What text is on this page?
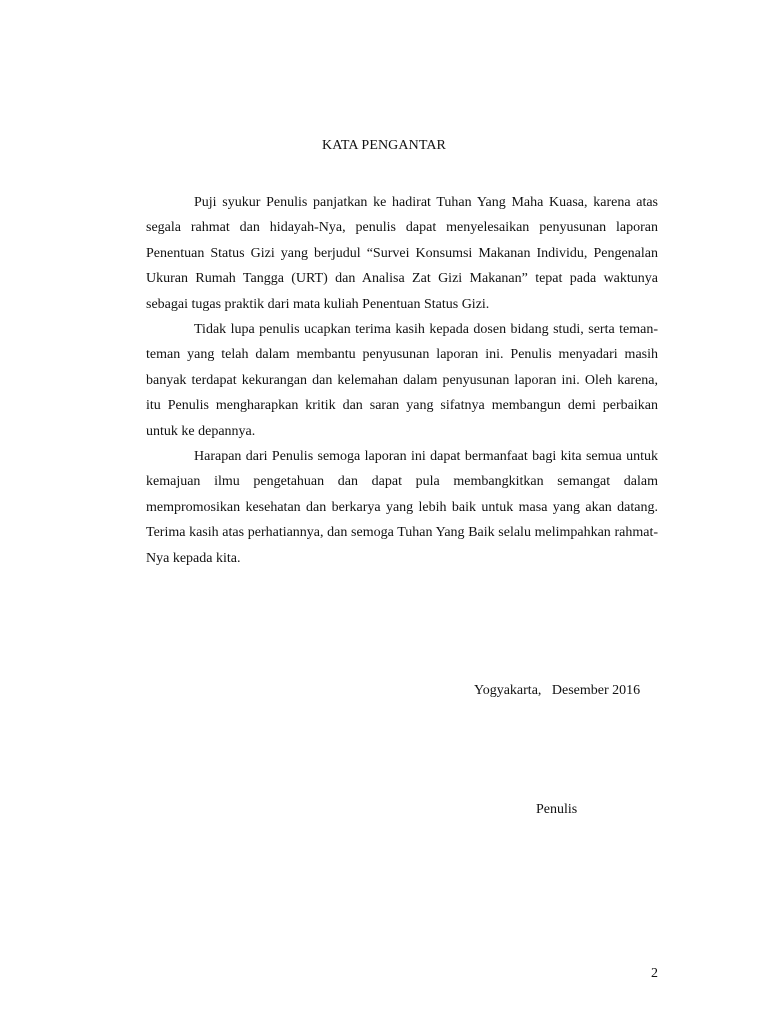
KATA PENGANTAR

Puji syukur Penulis panjatkan ke hadirat Tuhan Yang Maha Kuasa, karena atas segala rahmat dan hidayah-Nya, penulis dapat menyelesaikan penyusunan laporan Penentuan Status Gizi yang berjudul “Survei Konsumsi Makanan Individu, Pengenalan Ukuran Rumah Tangga (URT) dan Analisa Zat Gizi Makanan” tepat pada waktunya sebagai tugas praktik dari mata kuliah Penentuan Status Gizi.

Tidak lupa penulis ucapkan terima kasih kepada dosen bidang studi, serta teman-teman yang telah dalam membantu penyusunan laporan ini. Penulis menyadari masih banyak terdapat kekurangan dan kelemahan dalam penyusunan laporan ini. Oleh karena, itu Penulis mengharapkan kritik dan saran yang sifatnya membangun demi perbaikan untuk ke depannya.

Harapan dari Penulis semoga laporan ini dapat bermanfaat bagi kita semua untuk kemajuan ilmu pengetahuan dan dapat pula membangkitkan semangat dalam mempromosikan kesehatan dan berkarya yang lebih baik untuk masa yang akan datang. Terima kasih atas perhatiannya, dan semoga Tuhan Yang Baik selalu melimpahkan rahmat-Nya kepada kita.

Yogyakarta,   Desember 2016
Penulis
2
